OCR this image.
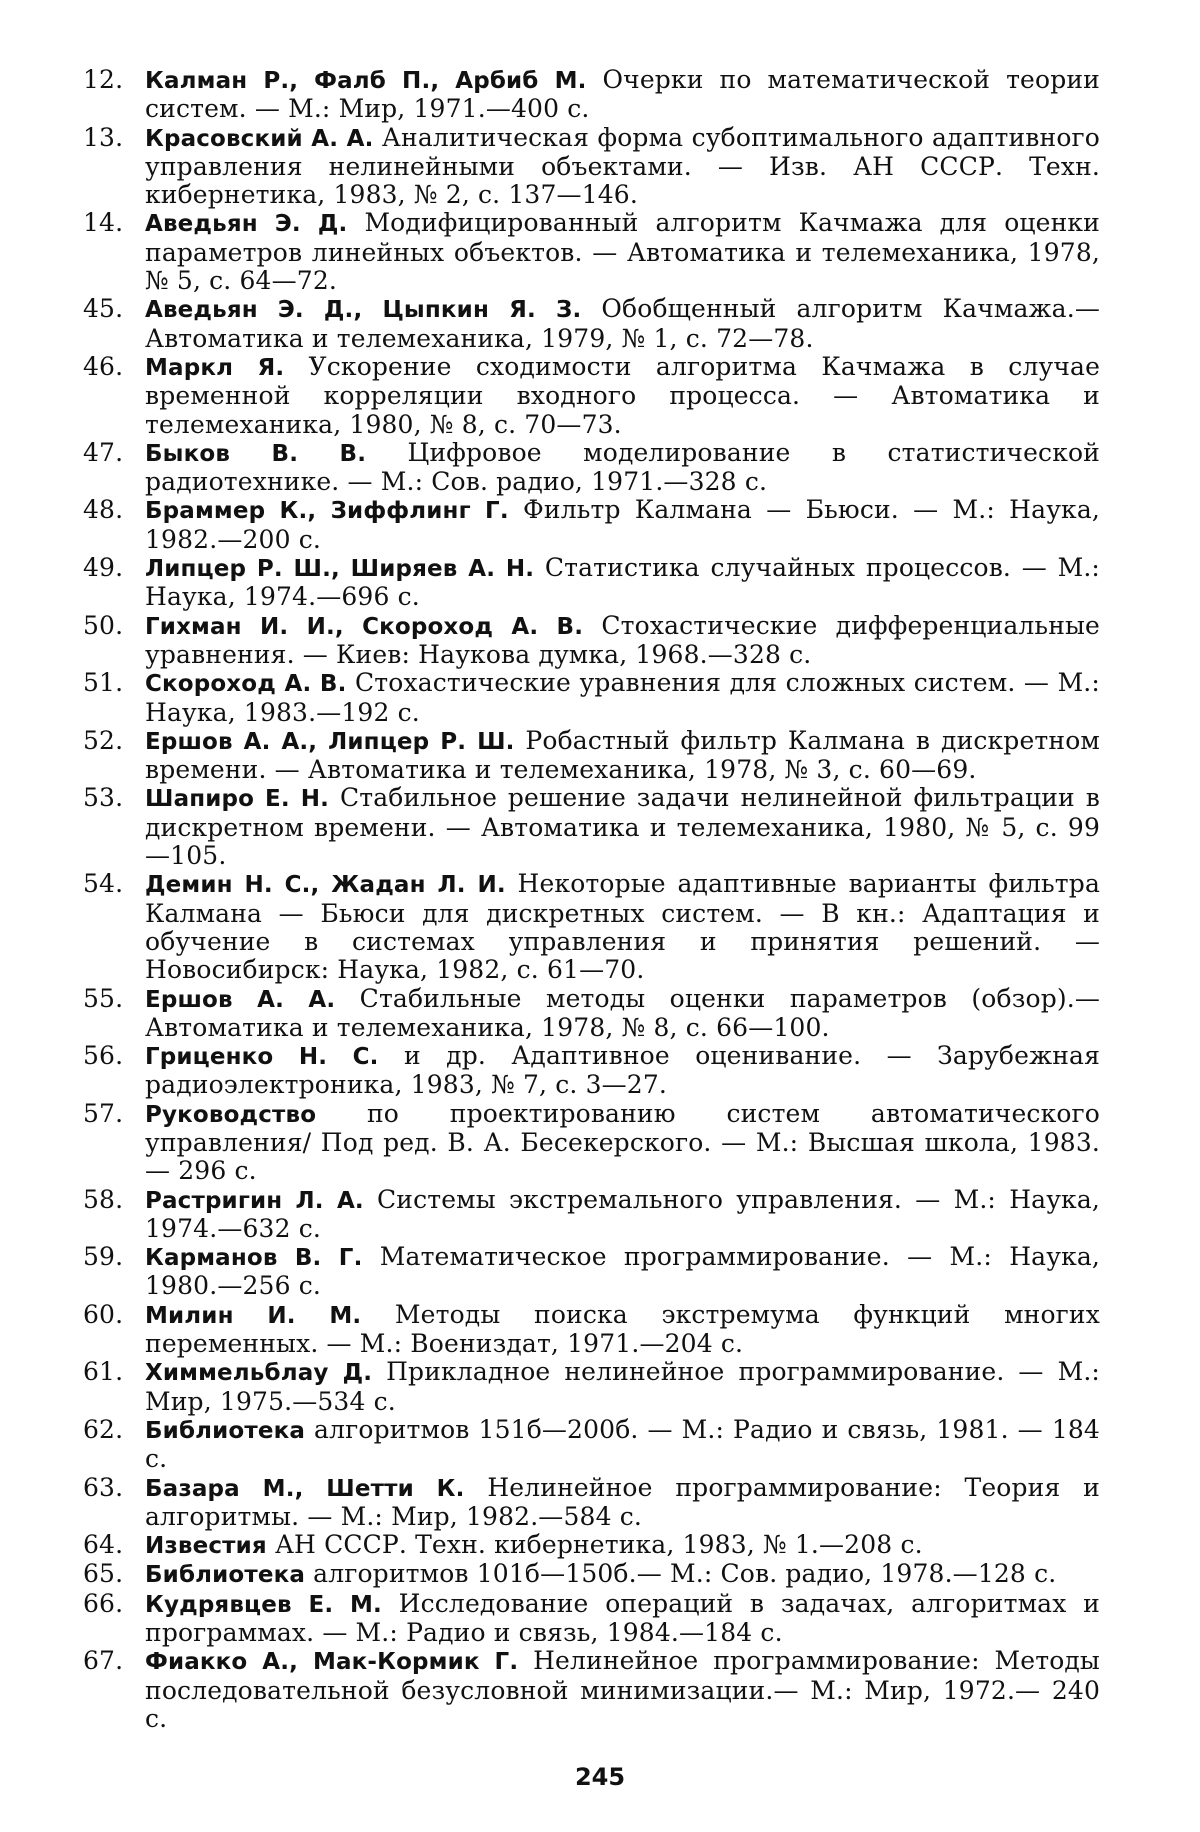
12. Калман Р., Фалб П., Арбиб М. Очерки по математической теории систем. — М.: Мир, 1971.—400 с.
13. Красовский А. А. Аналитическая форма субоптимального адаптивного управления нелинейными объектами. — Изв. АН СССР. Техн. кибернетика, 1983, № 2, с. 137—146.
14. Аведьян Э. Д. Модифицированный алгоритм Качмажа для оценки параметров линейных объектов. — Автоматика и телемеханика, 1978, № 5, с. 64—72.
45. Аведьян Э. Д., Цыпкин Я. З. Обобщенный алгоритм Качмажа.— Автоматика и телемеханика, 1979, № 1, с. 72—78.
46. Маркл Я. Ускорение сходимости алгоритма Качмажа в случае временной корреляции входного процесса. — Автоматика и телемеханика, 1980, № 8, с. 70—73.
47. Быков В. В. Цифровое моделирование в статистической радиотехнике. — М.: Сов. радио, 1971.—328 с.
48. Браммер К., Зиффлинг Г. Фильтр Калмана — Бьюси. — М.: Наука, 1982.—200 с.
49. Липцер Р. Ш., Ширяев А. Н. Статистика случайных процессов. — М.: Наука, 1974.—696 с.
50. Гихман И. И., Скороход А. В. Стохастические дифференциальные уравнения. — Киев: Наукова думка, 1968.—328 с.
51. Скороход А. В. Стохастические уравнения для сложных систем. — М.: Наука, 1983.—192 с.
52. Ершов А. А., Липцер Р. Ш. Робастный фильтр Калмана в дискретном времени. — Автоматика и телемеханика, 1978, № 3, с. 60—69.
53. Шапиро Е. Н. Стабильное решение задачи нелинейной фильтрации в дискретном времени. — Автоматика и телемеханика, 1980, № 5, с. 99—105.
54. Демин Н. С., Жадан Л. И. Некоторые адаптивные варианты фильтра Калмана — Бьюси для дискретных систем. — В кн.: Адаптация и обучение в системах управления и принятия решений. — Новосибирск: Наука, 1982, с. 61—70.
55. Ершов А. А. Стабильные методы оценки параметров (обзор).— Автоматика и телемеханика, 1978, № 8, с. 66—100.
56. Гриценко Н. С. и др. Адаптивное оценивание. — Зарубежная радиоэлектроника, 1983, № 7, с. 3—27.
57. Руководство по проектированию систем автоматического управления/ Под ред. В. А. Бесекерского. — М.: Высшая школа, 1983.— 296 с.
58. Растригин Л. А. Системы экстремального управления. — М.: Наука, 1974.—632 с.
59. Карманов В. Г. Математическое программирование. — М.: Наука, 1980.—256 с.
60. Милин И. М. Методы поиска экстремума функций многих переменных. — М.: Воениздат, 1971.—204 с.
61. Химмельблау Д. Прикладное нелинейное программирование. — М.: Мир, 1975.—534 с.
62. Библиотека алгоритмов 151б—200б. — М.: Радио и связь, 1981. — 184 с.
63. Базара М., Шетти К. Нелинейное программирование: Теория и алгоритмы. — М.: Мир, 1982.—584 с.
64. Известия АН СССР. Техн. кибернетика, 1983, № 1.—208 с.
65. Библиотека алгоритмов 101б—150б.— М.: Сов. радио, 1978.—128 с.
66. Кудрявцев Е. М. Исследование операций в задачах, алгоритмах и программах. — М.: Радио и связь, 1984.—184 с.
67. Фиакко А., Мак-Кормик Г. Нелинейное программирование: Методы последовательной безусловной минимизации.— М.: Мир, 1972.— 240 с.
245
